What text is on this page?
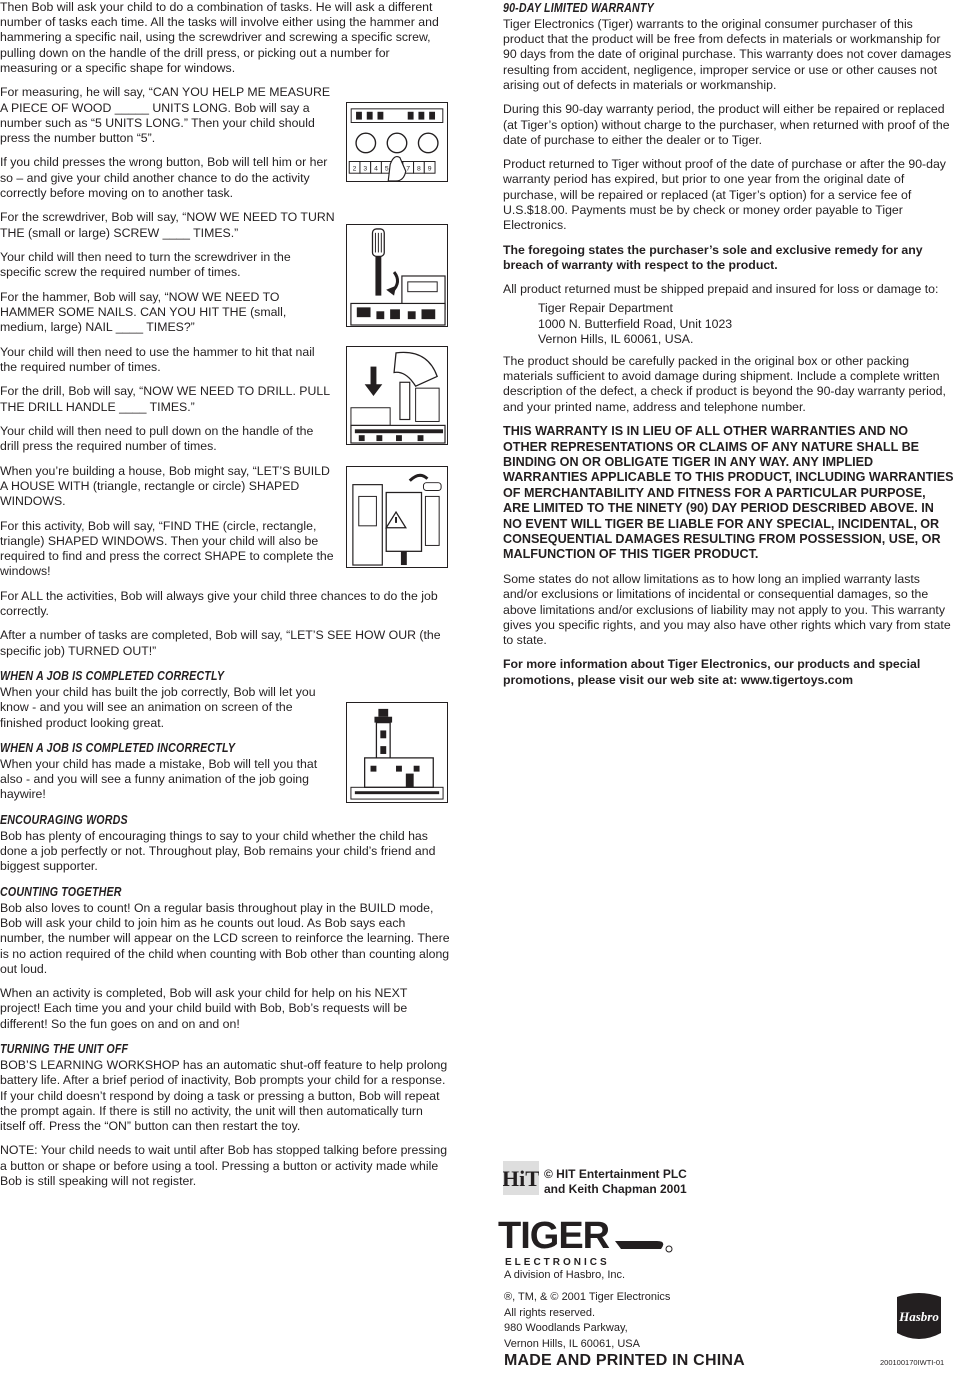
Then Bob will ask your child to do a combination of tasks. He will ask a different number of tasks each time. All the tasks will involve either using the hammer and hammering a specific nail, using the screwdriver and screwing a specific screw, pulling down on the handle of the drill press, or picking out a number for measuring or a specific shape for windows.

For measuring, he will say, “CAN YOU HELP ME MEASURE A PIECE OF WOOD _____ UNITS LONG. Bob will say a number such as “5 UNITS LONG.” Then your child should press the number button “5”.

If you child presses the wrong button, Bob will tell him or her so – and give your child another chance to do the activity correctly before moving on to another task.

For the screwdriver, Bob will say, “NOW WE NEED TO TURN THE (small or large) SCREW ____ TIMES.”

Your child will then need to turn the screwdriver in the specific screw the required number of times.

For the hammer, Bob will say, “NOW WE NEED TO HAMMER SOME NAILS. CAN YOU HIT THE (small, medium, large) NAIL ____ TIMES?”

Your child will then need to use the hammer to hit that nail the required number of times.

For the drill, Bob will say, “NOW WE NEED TO DRILL. PULL THE DRILL HANDLE ____ TIMES.”

Your child will then need to pull down on the handle of the drill press the required number of times.

When you’re building a house, Bob might say, “LET’S BUILD A HOUSE WITH (triangle, rectangle or circle) SHAPED WINDOWS.

For this activity, Bob will say, “FIND THE (circle, rectangle, triangle) SHAPED WINDOWS. Then your child will also be required to find and press the correct SHAPE to complete the windows!

For ALL the activities, Bob will always give your child three chances to do the job correctly.

After a number of tasks are completed, Bob will say, “LET’S SEE HOW OUR (the specific job) TURNED OUT!”

WHEN A JOB IS COMPLETED CORRECTLY

When your child has built the job correctly, Bob will let you know - and you will see an animation on screen of the finished product looking great.

WHEN A JOB IS COMPLETED INCORRECTLY

When your child has made a mistake, Bob will tell you that also - and you will see a funny animation of the job going haywire!

ENCOURAGING WORDS

Bob has plenty of encouraging things to say to your child whether the child has done a job perfectly or not. Throughout play, Bob remains your child’s friend and biggest supporter.

COUNTING TOGETHER

Bob also loves to count! On a regular basis throughout play in the BUILD mode, Bob will ask your child to join him as he counts out loud. As Bob says each number, the number will appear on the LCD screen to reinforce the learning. There is no action required of the child when counting with Bob other than counting along out loud.

When an activity is completed, Bob will ask your child for help on his NEXT project! Each time you and your child build with Bob, Bob’s requests will be different! So the fun goes on and on and on!

TURNING THE UNIT OFF

BOB’S LEARNING WORKSHOP has an automatic shut-off feature to help prolong battery life. After a brief period of inactivity, Bob prompts your child for a response. If your child doesn’t respond by doing a task or pressing a button, Bob will repeat the prompt again. If there is still no activity, the unit will then automatically turn itself off. Press the “ON” button can then restart the toy.

NOTE: Your child needs to wait until after Bob has stopped talking before pressing a button or shape or before using a tool. Pressing a button or activity made while Bob is still speaking will not register.

2 3 4 5	7 8 9
90-DAY LIMITED WARRANTY

Tiger Electronics (Tiger) warrants to the original consumer purchaser of this product that the product will be free from defects in materials or workmanship for 90 days from the date of original purchase. This warranty does not cover damages resulting from accident, negligence, improper service or use or other causes not arising out of defects in materials or workmanship.

During this 90-day warranty period, the product will either be repaired or replaced (at Tiger’s option) without charge to the purchaser, when returned with proof of the date of purchase to either the dealer or to Tiger.

Product returned to Tiger without proof of the date of purchase or after the 90-day warranty period has expired, but prior to one year from the original date of purchase, will be repaired or replaced (at Tiger’s option) for a service fee of U.S.$18.00. Payments must be by check or money order payable to Tiger Electronics.

The foregoing states the purchaser’s sole and exclusive remedy for any breach of warranty with respect to the product.

All product returned must be shipped prepaid and insured for loss or damage to:

Tiger Repair Department
1000 N. Butterfield Road, Unit 1023
Vernon Hills, IL 60061, USA.

The product should be carefully packed in the original box or other packing materials sufficient to avoid damage during shipment. Include a complete written description of the defect, a check if product is beyond the 90-day warranty period, and your printed name, address and telephone number.

THIS WARRANTY IS IN LIEU OF ALL OTHER WARRANTIES AND NO OTHER REPRESENTATIONS OR CLAIMS OF ANY NATURE SHALL BE BINDING ON OR OBLIGATE TIGER IN ANY WAY. ANY IMPLIED WARRANTIES APPLICABLE TO THIS PRODUCT, INCLUDING WARRANTIES OF MERCHANTABILITY AND FITNESS FOR A PARTICULAR PURPOSE, ARE LIMITED TO THE NINETY (90) DAY PERIOD DESCRIBED ABOVE. IN NO EVENT WILL TIGER BE LIABLE FOR ANY SPECIAL, INCIDENTAL, OR CONSEQUENTIAL DAMAGES RESULTING FROM POSSESSION, USE, OR MALFUNCTION OF THIS TIGER PRODUCT.

Some states do not allow limitations as to how long an implied warranty lasts and/or exclusions or limitations of incidental or consequential damages, so the above limitations and/or exclusions of liability may not apply to you. This warranty gives you specific rights, and you may also have other rights which vary from state to state.

For more information about Tiger Electronics, our products and special promotions, please visit our web site at: www.tigertoys.com

HiT © HIT Entertainment PLC
and Keith Chapman 2001
TIGER
ELECTRONICS
A division of Hasbro, Inc.
®, TM, & © 2001 Tiger Electronics
All rights reserved.
980 Woodlands Parkway,
Vernon Hills, IL 60061, USA
MADE AND PRINTED IN CHINA	200100170IWTI-01
Hasbro
